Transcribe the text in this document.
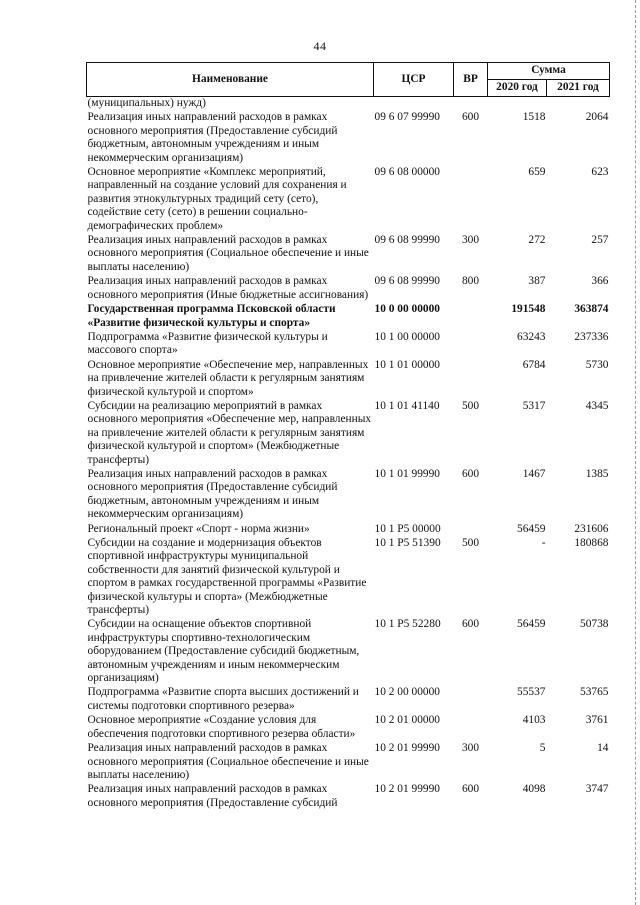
44
Наименование	ЦСР	ВР	Сумма	
			2020 год	2021 год
(муниципальных) нужд)				
Реализация иных направлений расходов в рамках основного мероприятия (Предоставление субсидий бюджетным, автономным учреждениям и иным некоммерческим организациям)	09 6 07 99990	600	1518	2064
Основное мероприятие «Комплекс мероприятий, направленный на создание условий для сохранения и развития этнокультурных традиций сету (сето), содействие сету (сето) в решении социально-демографических проблем»	09 6 08 00000		659	623
Реализация иных направлений расходов в рамках основного мероприятия (Социальное обеспечение и иные выплаты населению)	09 6 08 99990	300	272	257
Реализация иных направлений расходов в рамках основного мероприятия (Иные бюджетные ассигнования)	09 6 08 99990	800	387	366
Государственная программа Псковской области «Развитие физической культуры и спорта»	10 0 00 00000		191548	363874
Подпрограмма «Развитие физической культуры и массового спорта»	10 1 00 00000		63243	237336
Основное мероприятие «Обеспечение мер, направленных на привлечение жителей области к регулярным занятиям физической культурой и спортом»	10 1 01 00000		6784	5730
Субсидии на реализацию мероприятий в рамках основного мероприятия «Обеспечение мер, направленных на привлечение жителей области к регулярным занятиям физической культурой и спортом» (Межбюджетные трансферты)	10 1 01 41140	500	5317	4345
Реализация иных направлений расходов в рамках основного мероприятия (Предоставление субсидий бюджетным, автономным учреждениям и иным некоммерческим организациям)	10 1 01 99990	600	1467	1385
Региональный проект «Спорт - норма жизни»	10 1 P5 00000		56459	231606
Субсидии на создание и модернизация объектов спортивной инфраструктуры муниципальной собственности для занятий физической культурой и спортом в рамках государственной программы «Развитие физической культуры и спорта» (Межбюджетные трансферты)	10 1 P5 51390	500	-	180868
Субсидии на оснащение объектов спортивной инфраструктуры спортивно-технологическим оборудованием (Предоставление субсидий бюджетным, автономным учреждениям и иным некоммерческим организациям)	10 1 P5 52280	600	56459	50738
Подпрограмма «Развитие спорта высших достижений и системы подготовки спортивного резерва»	10 2 00 00000		55537	53765
Основное мероприятие «Создание условия для обеспечения подготовки спортивного резерва области»	10 2 01 00000		4103	3761
Реализация иных направлений расходов в рамках основного мероприятия (Социальное обеспечение и иные выплаты населению)	10 2 01 99990	300	5	14
Реализация иных направлений расходов в рамках основного мероприятия (Предоставление субсидий	10 2 01 99990	600	4098	3747
